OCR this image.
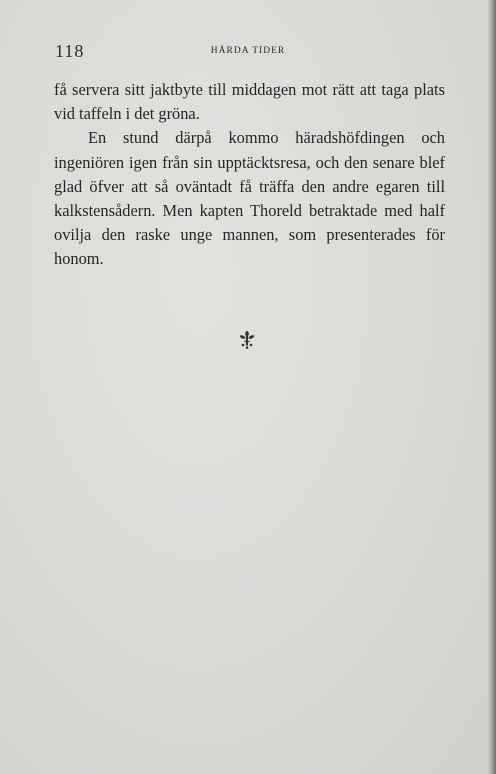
118	HÅRDA TIDER

få servera sitt jaktbyte till middagen mot rätt att taga plats vid taffeln i det gröna.

En stund därpå kommo häradshöfdingen och ingeniören igen från sin upptäcktsresa, och den senare blef glad öfver att så oväntadt få träffa den andre egaren till kalkstensådern. Men kapten Thoreld betraktade med half ovilja den raske unge mannen, som presenterades för honom.
